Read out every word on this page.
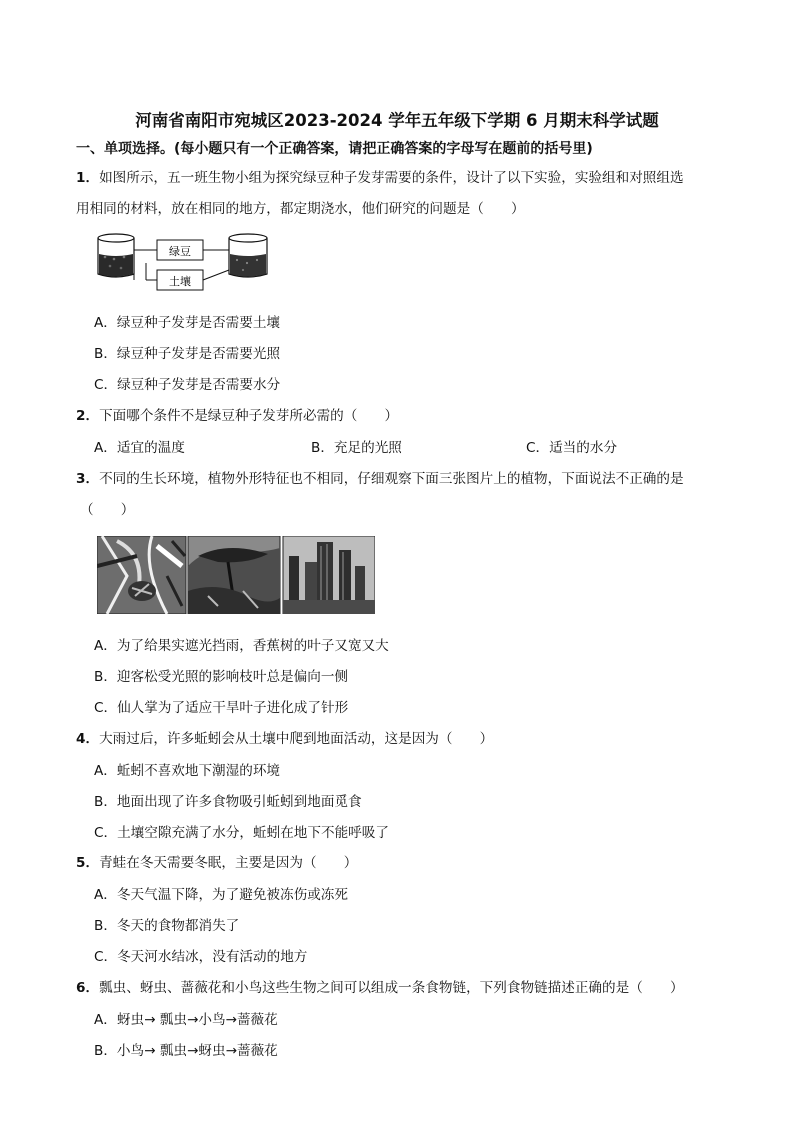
河南省南阳市宛城区2023-2024 学年五年级下学期 6 月期末科学试题
一、单项选择。(每小题只有一个正确答案，请把正确答案的字母写在题前的括号里)
1．如图所示，五一班生物小组为探究绿豆种子发芽需要的条件，设计了以下实验，实验组和对照组选
用相同的材料，放在相同的地方，都定期浇水，他们研究的问题是（　　）
绿豆
土壤
A．绿豆种子发芽是否需要土壤
B．绿豆种子发芽是否需要光照
C．绿豆种子发芽是否需要水分
2．下面哪个条件不是绿豆种子发芽所必需的（　　）
A．适宜的温度	B．充足的光照	C．适当的水分
3．不同的生长环境，植物外形特征也不相同，仔细观察下面三张图片上的植物，下面说法不正确的是
（　　）
A．为了给果实遮光挡雨，香蕉树的叶子又宽又大
B．迎客松受光照的影响枝叶总是偏向一侧
C．仙人掌为了适应干旱叶子进化成了针形
4．大雨过后，许多蚯蚓会从土壤中爬到地面活动，这是因为（　　）
A．蚯蚓不喜欢地下潮湿的环境
B．地面出现了许多食物吸引蚯蚓到地面觅食
C．土壤空隙充满了水分，蚯蚓在地下不能呼吸了
5．青蛙在冬天需要冬眠，主要是因为（　　）
A．冬天气温下降，为了避免被冻伤或冻死
B．冬天的食物都消失了
C．冬天河水结冰，没有活动的地方
6．瓢虫、蚜虫、蔷薇花和小鸟这些生物之间可以组成一条食物链，下列食物链描述正确的是（　　）
A．蚜虫→ 瓢虫→小鸟→蔷薇花
B．小鸟→ 瓢虫→蚜虫→蔷薇花
